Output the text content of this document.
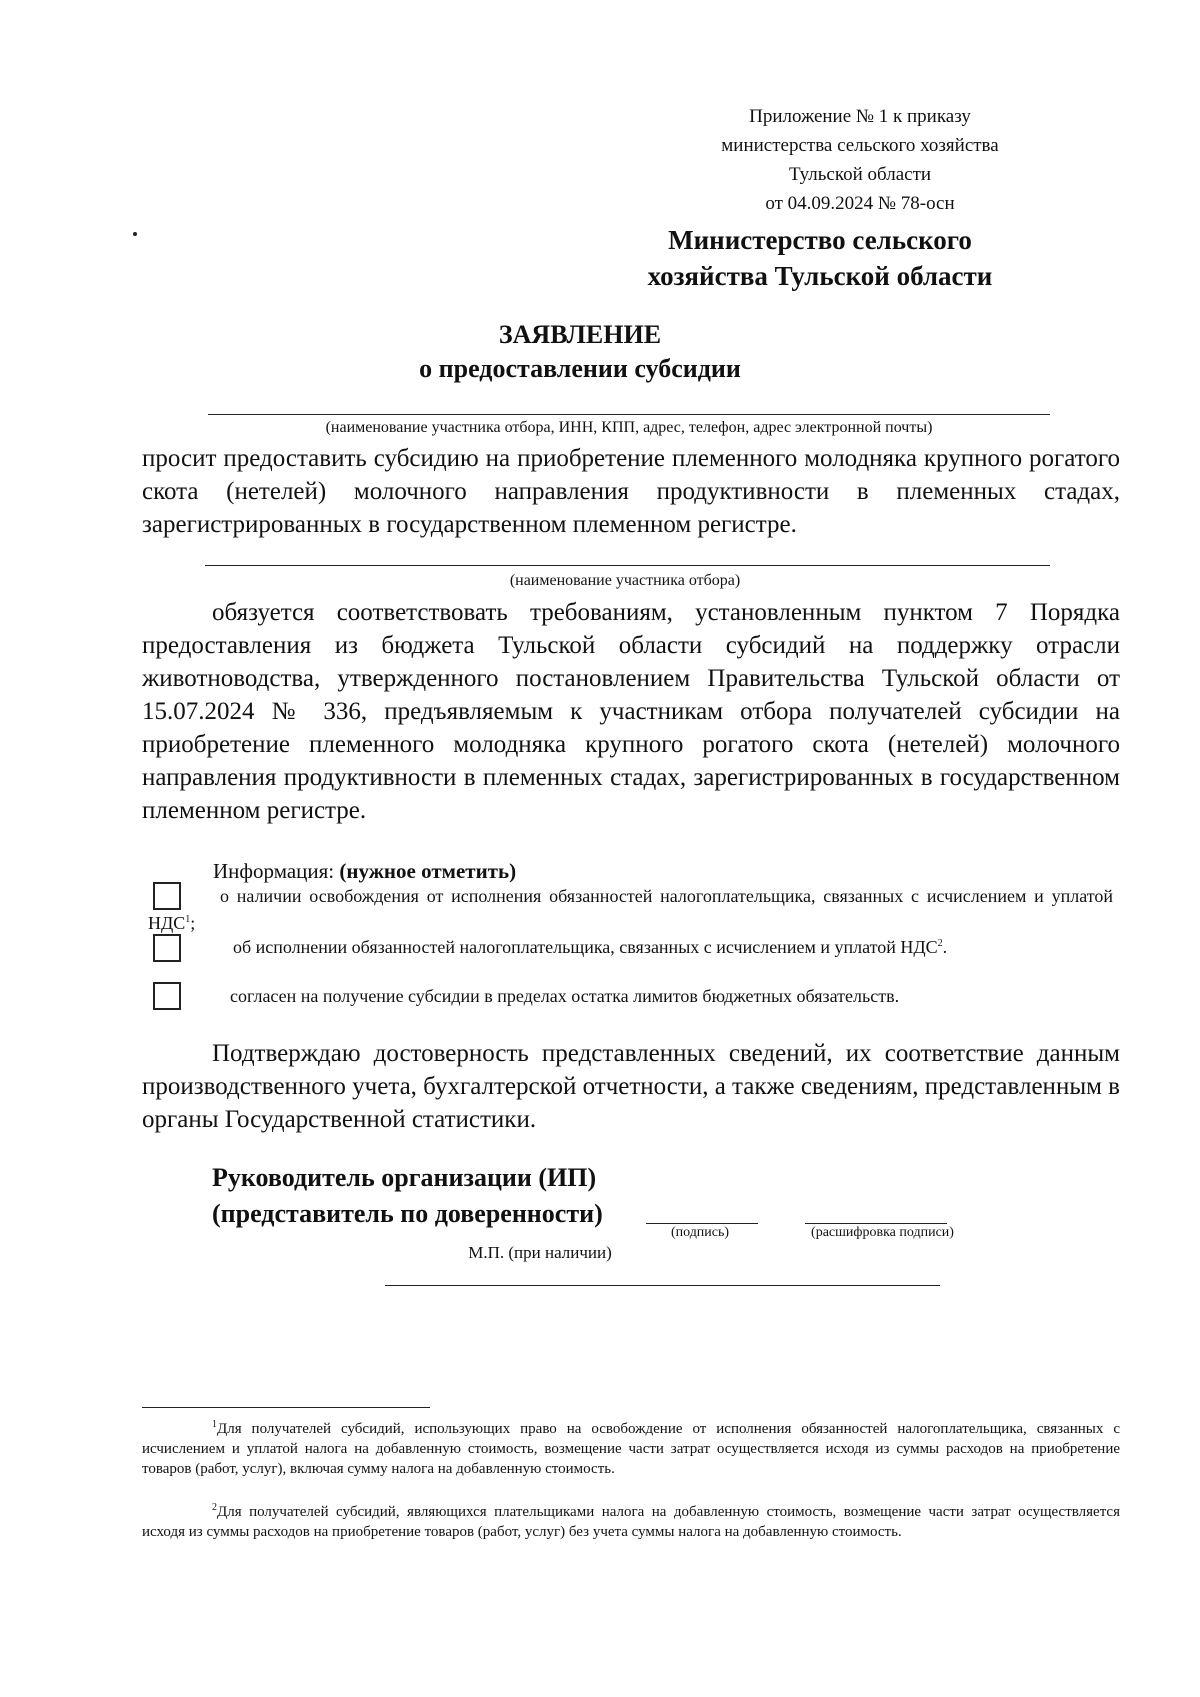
Приложение № 1 к приказу
министерства сельского хозяйства
Тульской области
от 04.09.2024 № 78-осн
Министерство сельского
хозяйства Тульской области
ЗАЯВЛЕНИЕ
о предоставлении субсидии
(наименование участника отбора, ИНН, КПП, адрес, телефон, адрес электронной почты)
просит предоставить субсидию на приобретение племенного молодняка крупного рогатого скота (нетелей) молочного направления продуктивности в племенных стадах, зарегистрированных в государственном племенном регистре.
(наименование участника отбора)
обязуется соответствовать требованиям, установленным пунктом 7 Порядка предоставления из бюджета Тульской области субсидий на поддержку отрасли животноводства, утвержденного постановлением Правительства Тульской области от 15.07.2024 № 336, предъявляемым к участникам отбора получателей субсидии на приобретение племенного молодняка крупного рогатого скота (нетелей) молочного направления продуктивности в племенных стадах, зарегистрированных в государственном племенном регистре.
Информация: (нужное отметить)
о наличии освобождения от исполнения обязанностей налогоплательщика, связанных с исчислением и уплатой НДС$^1$;
об исполнении обязанностей налогоплательщика, связанных с исчислением и уплатой НДС$^2$.
согласен на получение субсидии в пределах остатка лимитов бюджетных обязательств.
Подтверждаю достоверность представленных сведений, их соответствие данным производственного учета, бухгалтерской отчетности, а также сведениям, представленным в органы Государственной статистики.
Руководитель организации (ИП)
(представитель по доверенности)
(подпись)	(расшифровка подписи)
М.П. (при наличии)
$^1$Для получателей субсидий, использующих право на освобождение от исполнения обязанностей налогоплательщика, связанных с исчислением и уплатой налога на добавленную стоимость, возмещение части затрат осуществляется исходя из суммы расходов на приобретение товаров (работ, услуг), включая сумму налога на добавленную стоимость.
$^2$Для получателей субсидий, являющихся плательщиками налога на добавленную стоимость, возмещение части затрат осуществляется исходя из суммы расходов на приобретение товаров (работ, услуг) без учета суммы налога на добавленную стоимость.
